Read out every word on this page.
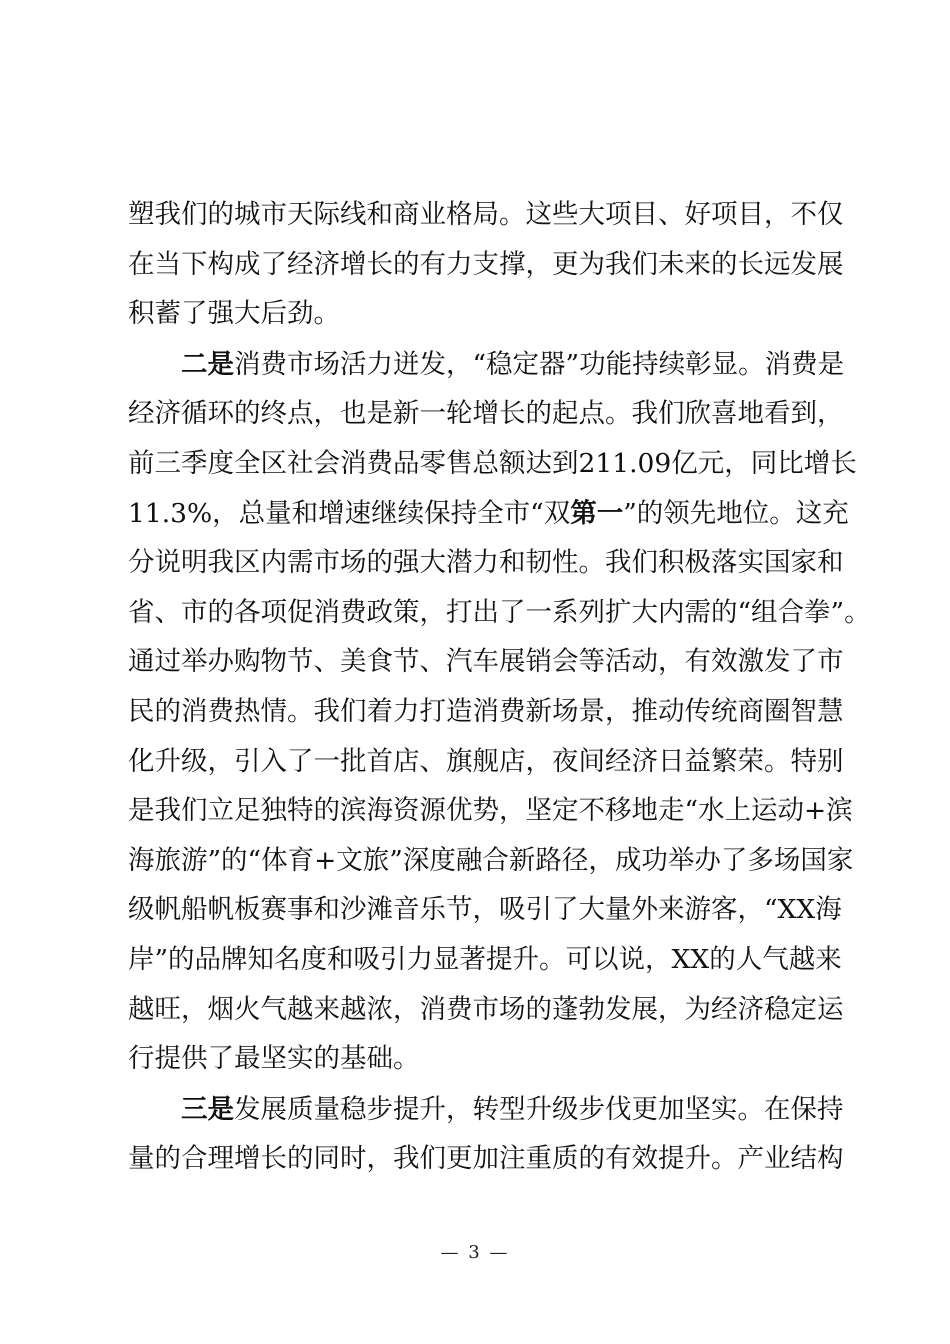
塑我们的城市天际线和商业格局。这些大项目、好项目，不仅
在当下构成了经济增长的有力支撑，更为我们未来的长远发展
积蓄了强大后劲。
二是消费市场活力迸发，“稳定器”功能持续彰显。消费是
经济循环的终点，也是新一轮增长的起点。我们欣喜地看到，
前三季度全区社会消费品零售总额达到211.09亿元，同比增长
11.3%，总量和增速继续保持全市“双第一”的领先地位。这充
分说明我区内需市场的强大潜力和韧性。我们积极落实国家和
省、市的各项促消费政策，打出了一系列扩大内需的“组合拳”。
通过举办购物节、美食节、汽车展销会等活动，有效激发了市
民的消费热情。我们着力打造消费新场景，推动传统商圈智慧
化升级，引入了一批首店、旗舰店，夜间经济日益繁荣。特别
是我们立足独特的滨海资源优势，坚定不移地走“水上运动+滨
海旅游”的“体育+文旅”深度融合新路径，成功举办了多场国家
级帆船帆板赛事和沙滩音乐节，吸引了大量外来游客，“XX海
岸”的品牌知名度和吸引力显著提升。可以说，XX的人气越来
越旺，烟火气越来越浓，消费市场的蓬勃发展，为经济稳定运
行提供了最坚实的基础。
三是发展质量稳步提升，转型升级步伐更加坚实。在保持
量的合理增长的同时，我们更加注重质的有效提升。产业结构
— 3 —
